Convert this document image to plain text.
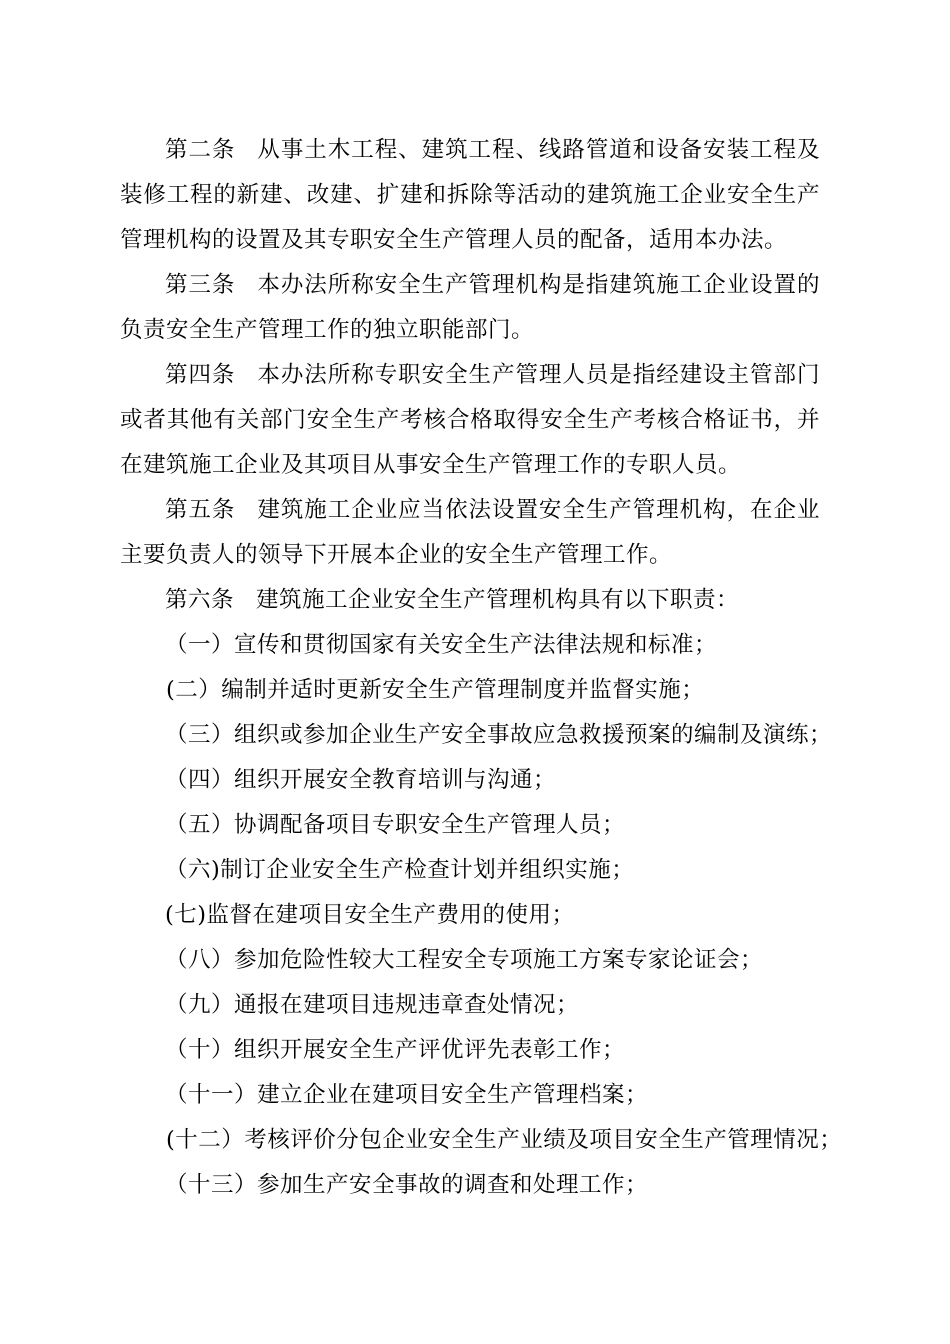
第二条 从事土木工程、建筑工程、线路管道和设备安装工程及装修工程的新建、改建、扩建和拆除等活动的建筑施工企业安全生产管理机构的设置及其专职安全生产管理人员的配备，适用本办法。

第三条 本办法所称安全生产管理机构是指建筑施工企业设置的负责安全生产管理工作的独立职能部门。

第四条 本办法所称专职安全生产管理人员是指经建设主管部门或者其他有关部门安全生产考核合格取得安全生产考核合格证书，并在建筑施工企业及其项目从事安全生产管理工作的专职人员。

第五条 建筑施工企业应当依法设置安全生产管理机构，在企业主要负责人的领导下开展本企业的安全生产管理工作。

第六条 建筑施工企业安全生产管理机构具有以下职责：

（一）宣传和贯彻国家有关安全生产法律法规和标准；

(二）编制并适时更新安全生产管理制度并监督实施；

（三）组织或参加企业生产安全事故应急救援预案的编制及演练；

（四）组织开展安全教育培训与沟通；

（五）协调配备项目专职安全生产管理人员；

（六)制订企业安全生产检查计划并组织实施；

(七)监督在建项目安全生产费用的使用；

（八）参加危险性较大工程安全专项施工方案专家论证会；

（九）通报在建项目违规违章查处情况；

（十）组织开展安全生产评优评先表彰工作；

（十一）建立企业在建项目安全生产管理档案；

(十二）考核评价分包企业安全生产业绩及项目安全生产管理情况；

（十三）参加生产安全事故的调查和处理工作；
